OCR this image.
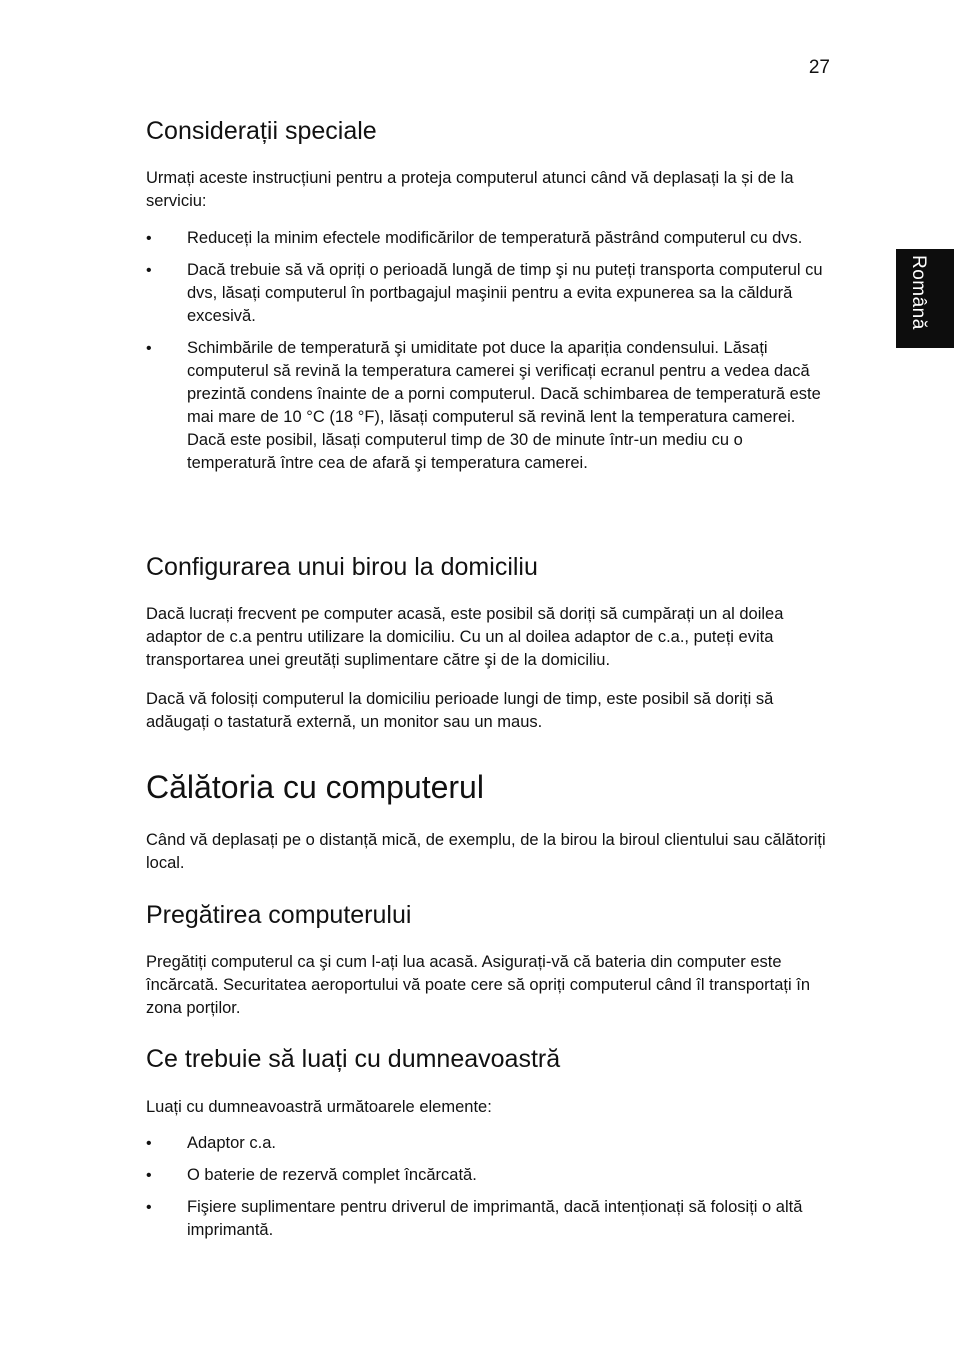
27
Română
Considerații speciale

Urmați aceste instrucțiuni pentru a proteja computerul atunci când vă deplasați la și de la serviciu:

• Reduceți la minim efectele modificărilor de temperatură păstrând computerul cu dvs.
• Dacă trebuie să vă opriți o perioadă lungă de timp şi nu puteți transporta computerul cu dvs, lăsați computerul în portbagajul maşinii pentru a evita expunerea sa la căldură excesivă.
• Schimbările de temperatură şi umiditate pot duce la apariția condensului. Lăsați computerul să revină la temperatura camerei şi verificați ecranul pentru a vedea dacă prezintă condens înainte de a porni computerul. Dacă schimbarea de temperatură este mai mare de 10 °C (18 °F), lăsați computerul să revină lent la temperatura camerei. Dacă este posibil, lăsați computerul timp de 30 de minute într-un mediu cu o temperatură între cea de afară şi temperatura camerei.
Configurarea unui birou la domiciliu

Dacă lucrați frecvent pe computer acasă, este posibil să doriți să cumpărați un al doilea adaptor de c.a pentru utilizare la domiciliu. Cu un al doilea adaptor de c.a., puteți evita transportarea unei greutăți suplimentare către şi de la domiciliu.

Dacă vă folosiți computerul la domiciliu perioade lungi de timp, este posibil să doriți să adăugați o tastatură externă, un monitor sau un maus.

Călătoria cu computerul

Când vă deplasați pe o distanță mică, de exemplu, de la birou la biroul clientului sau călătoriți local.

Pregătirea computerului

Pregătiți computerul ca şi cum l-ați lua acasă. Asigurați-vă că bateria din computer este încărcată. Securitatea aeroportului vă poate cere să opriți computerul când îl transportați în zona porților.

Ce trebuie să luați cu dumneavoastră

Luați cu dumneavoastră următoarele elemente:

• Adaptor c.a.
• O baterie de rezervă complet încărcată.
• Fişiere suplimentare pentru driverul de imprimantă, dacă intenționați să folosiți o altă imprimantă.
